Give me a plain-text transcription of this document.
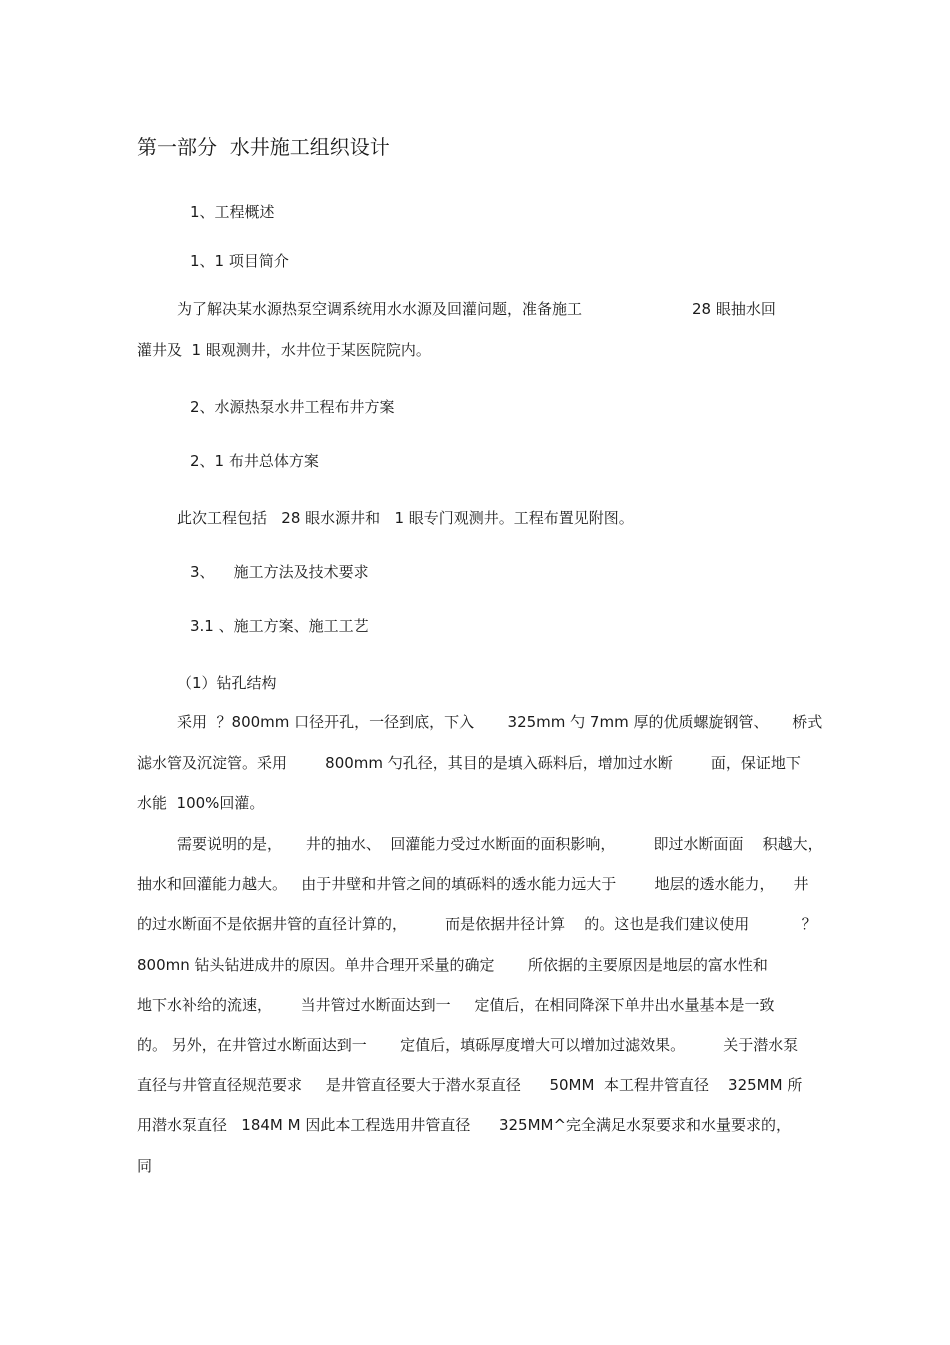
第一部分  水井施工组织设计
1、工程概述
1、1 项目简介
为了解决某水源热泵空调系统用水水源及回灌问题，准备施工	28 眼抽水回
灌井及  1 眼观测井，水井位于某医院院内。
2、水源热泵水井工程布井方案
2、1 布井总体方案
此次工程包括   28 眼水源井和   1 眼专门观测井。工程布置见附图。
3、    施工方法及技术要求
3.1 、施工方案、施工工艺
（1）钻孔结构
采用  ？800mm 口径开孔，一径到底，下入       325mm 勺 7mm 厚的优质螺旋钢管、     桥式
滤水管及沉淀管。采用        800mm 勺孔径，其目的是填入砾料后，增加过水断        面，保证地下
水能  100%回灌。
需要说明的是，     井的抽水、  回灌能力受过水断面的面积影响，        即过水断面面    积越大，
抽水和回灌能力越大。   由于井壁和井管之间的填砾料的透水能力远大于        地层的透水能力，    井
的过水断面不是依据井管的直径计算的，        而是依据井径计算    的。这也是我们建议使用           ？
800mn 钻头钻进成井的原因。单井合理开采量的确定       所依据的主要原因是地层的富水性和
地下水补给的流速，      当井管过水断面达到一     定值后，在相同降深下单井出水量基本是一致
的。 另外，在井管过水断面达到一       定值后，填砾厚度增大可以增加过滤效果。        关于潜水泵
直径与井管直径规范要求     是井管直径要大于潜水泵直径      50MM  本工程井管直径    325MM 所
用潜水泵直径   184M M 因此本工程选用井管直径      325MM^完全满足水泵要求和水量要求的，
同
